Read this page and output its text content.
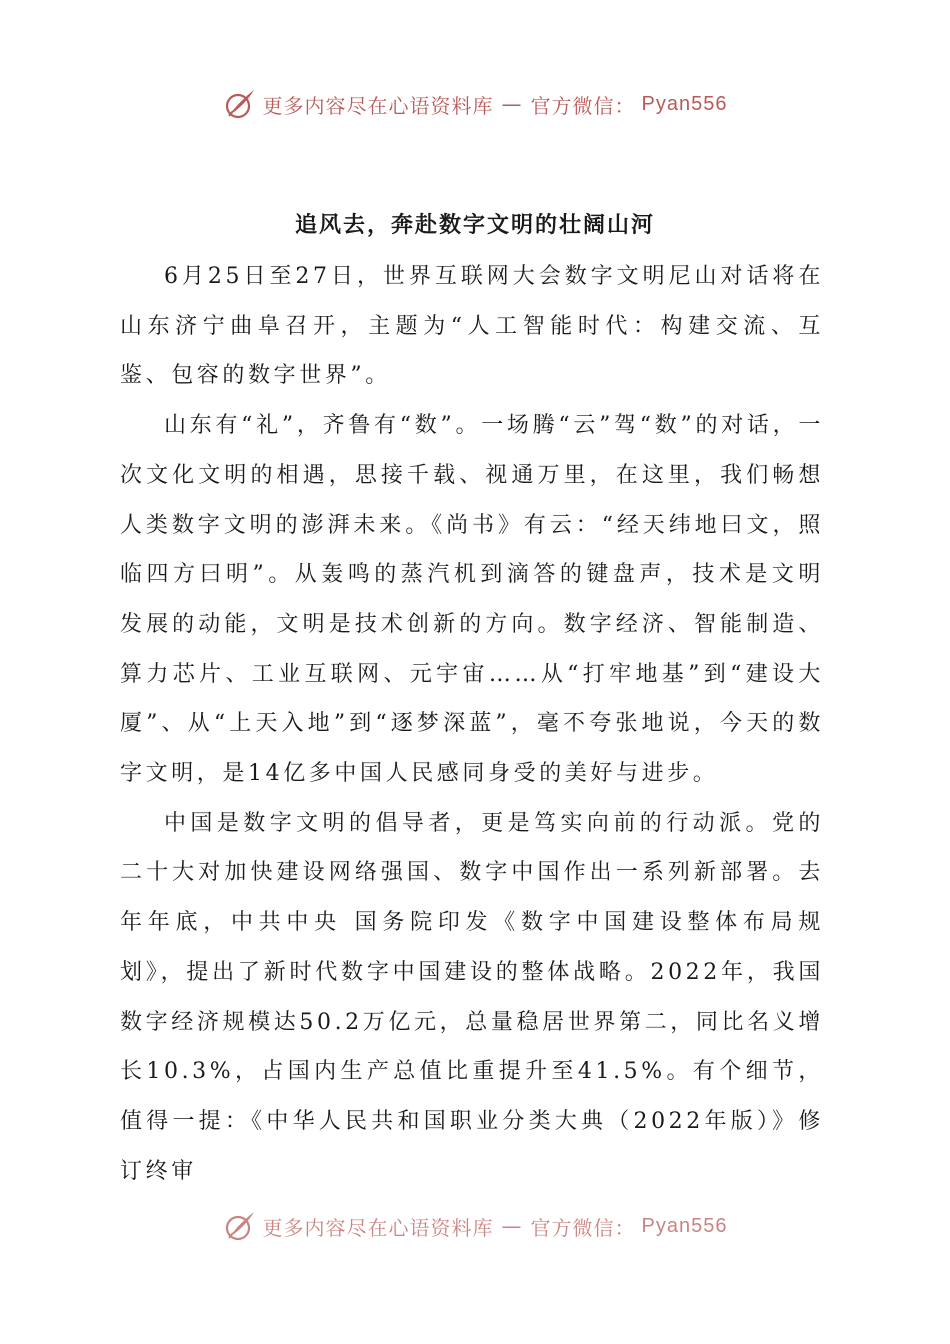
更多内容尽在心语资料库 — 官方微信： Pyan556
追风去，奔赴数字文明的壮阔山河

6月25日至27日，世界互联网大会数字文明尼山对话将在山东济宁曲阜召开，主题为“人工智能时代：构建交流、互鉴、包容的数字世界”。

山东有“礼”，齐鲁有“数”。一场腾“云”驾“数”的对话，一次文化文明的相遇，思接千载、视通万里，在这里，我们畅想人类数字文明的澎湃未来。《尚书》有云：“经天纬地曰文，照临四方曰明”。从轰鸣的蒸汽机到滴答的键盘声，技术是文明发展的动能，文明是技术创新的方向。数字经济、智能制造、算力芯片、工业互联网、元宇宙……从“打牢地基”到“建设大厦”、从“上天入地”到“逐梦深蓝”，毫不夸张地说，今天的数字文明，是14亿多中国人民感同身受的美好与进步。

中国是数字文明的倡导者，更是笃实向前的行动派。党的二十大对加快建设网络强国、数字中国作出一系列新部署。去年年底，中共中央 国务院印发《数字中国建设整体布局规划》，提出了新时代数字中国建设的整体战略。2022年，我国数字经济规模达50.2万亿元，总量稳居世界第二，同比名义增长10.3%，占国内生产总值比重提升至41.5%。有个细节，值得一提：《中华人民共和国职业分类大典（2022年版）》修订终审

更多内容尽在心语资料库 — 官方微信： Pyan556
